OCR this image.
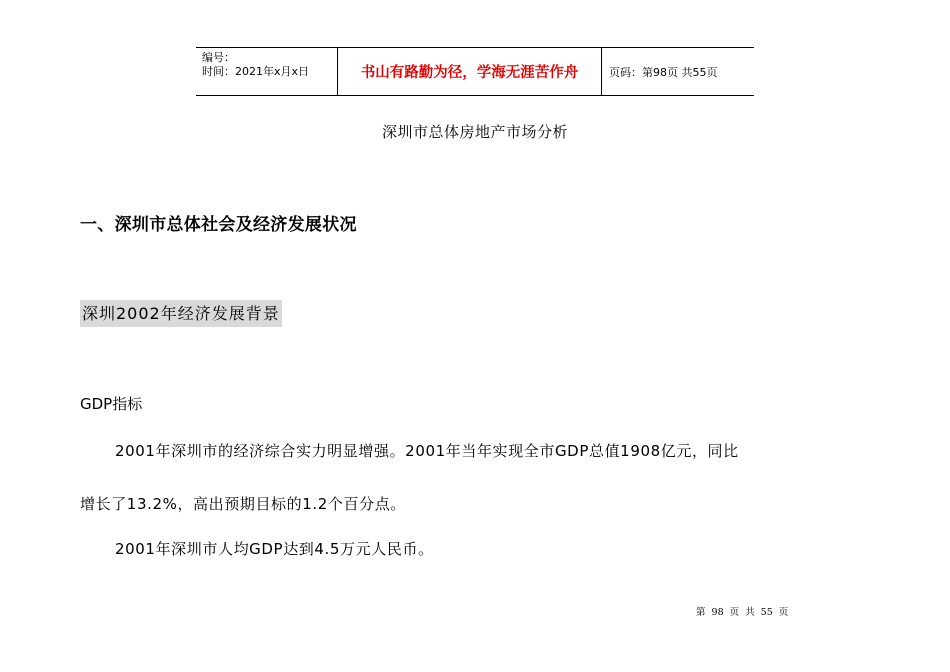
编号：
时间：2021年x月x日	书山有路勤为径，学海无涯苦作舟	页码：第98页 共55页
深圳市总体房地产市场分析
一、深圳市总体社会及经济发展状况
深圳2002年经济发展背景
GDP指标
2001年深圳市的经济综合实力明显增强。2001年当年实现全市GDP总值1908亿元，同比
增长了13.2%，高出预期目标的1.2个百分点。
2001年深圳市人均GDP达到4.5万元人民币。
第 98 页 共 55 页
